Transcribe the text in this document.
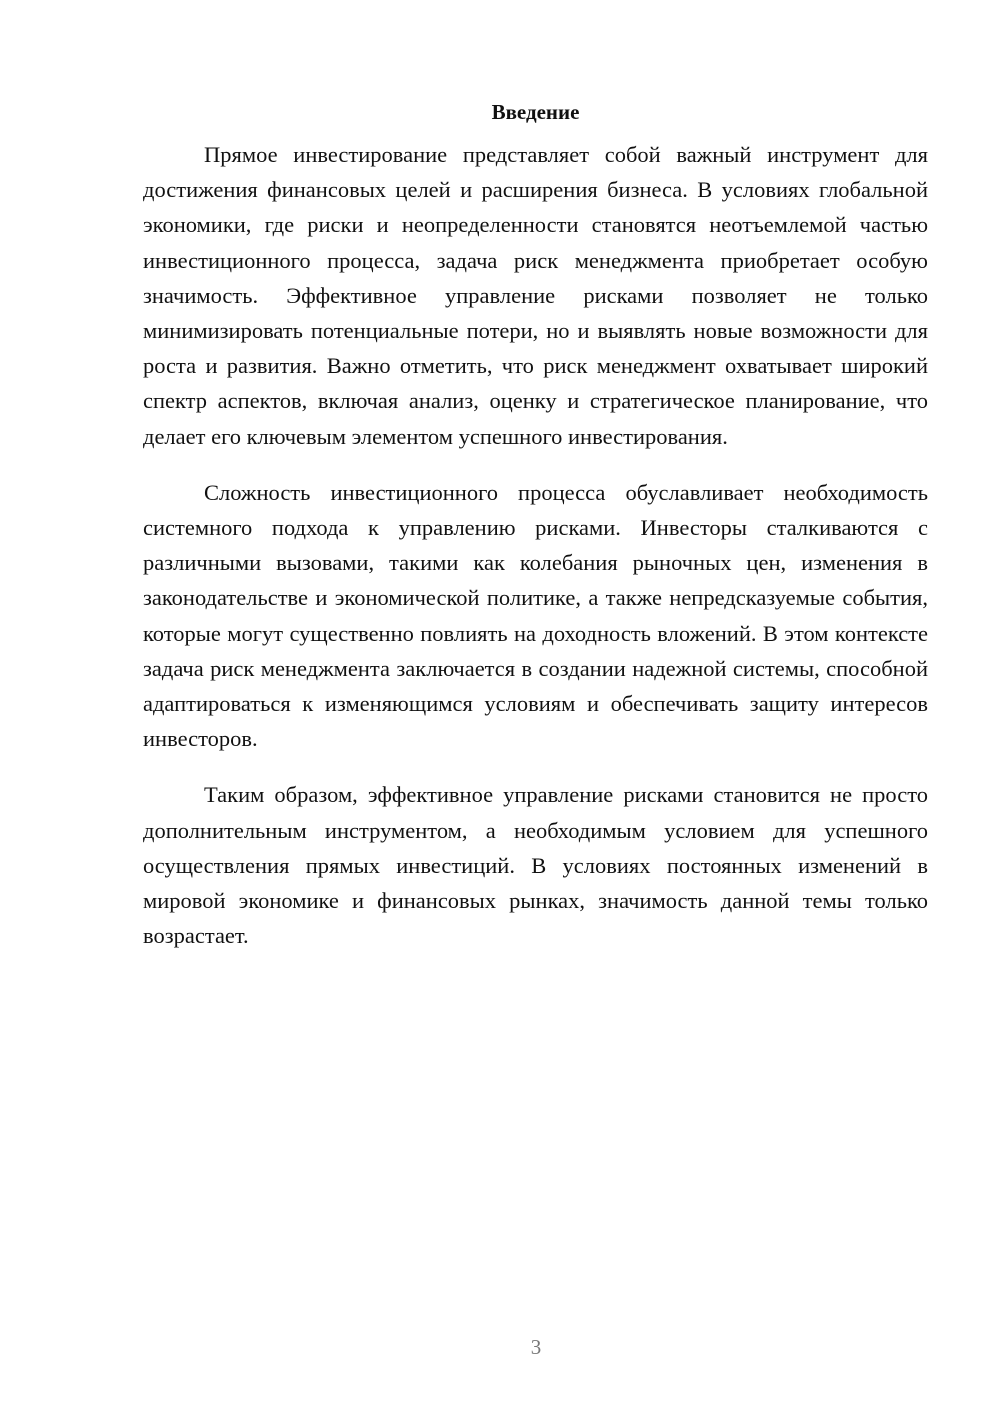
Введение

Прямое инвестирование представляет собой важный инструмент для достижения финансовых целей и расширения бизнеса. В условиях глобальной экономики, где риски и неопределенности становятся неотъемлемой частью инвестиционного процесса, задача риск менеджмента приобретает особую значимость. Эффективное управление рисками позволяет не только минимизировать потенциальные потери, но и выявлять новые возможности для роста и развития. Важно отметить, что риск менеджмент охватывает широкий спектр аспектов, включая анализ, оценку и стратегическое планирование, что делает его ключевым элементом успешного инвестирования.

Сложность инвестиционного процесса обуславливает необходимость системного подхода к управлению рисками. Инвесторы сталкиваются с различными вызовами, такими как колебания рыночных цен, изменения в законодательстве и экономической политике, а также непредсказуемые события, которые могут существенно повлиять на доходность вложений. В этом контексте задача риск менеджмента заключается в создании надежной системы, способной адаптироваться к изменяющимся условиям и обеспечивать защиту интересов инвесторов.

Таким образом, эффективное управление рисками становится не просто дополнительным инструментом, а необходимым условием для успешного осуществления прямых инвестиций. В условиях постоянных изменений в мировой экономике и финансовых рынках, значимость данной темы только возрастает.

3
